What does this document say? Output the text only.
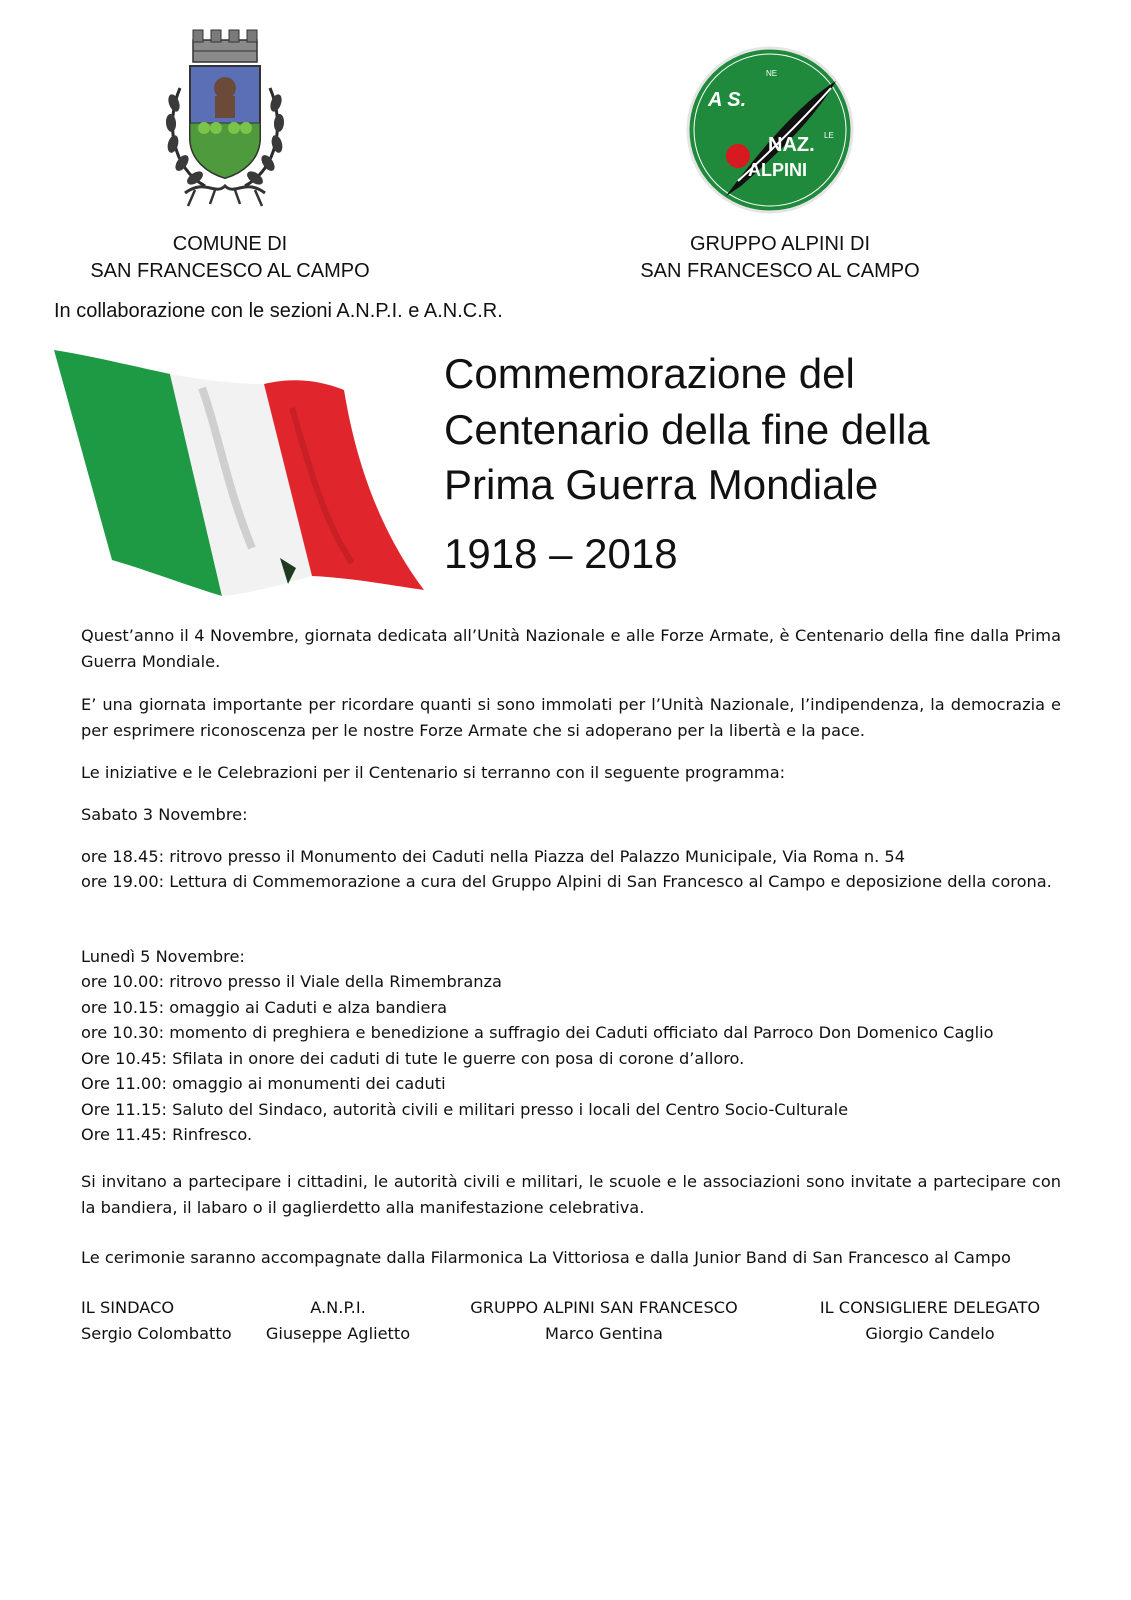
A S.
NE
LE
NAZ.
ALPINI
COMUNE DI
SAN FRANCESCO AL CAMPO
GRUPPO ALPINI DI
SAN FRANCESCO AL CAMPO
In collaborazione con le sezioni A.N.P.I. e A.N.C.R.
Commemorazione del
Centenario della fine della
Prima Guerra Mondiale
1918 – 2018
Quest’anno il 4 Novembre, giornata dedicata all’Unità Nazionale e alle Forze Armate, è Centenario della fine dalla Prima Guerra Mondiale.
E’ una giornata importante per ricordare quanti si sono immolati per l’Unità Nazionale, l’indipendenza, la democrazia e per esprimere riconoscenza per le nostre Forze Armate che si adoperano per la libertà e la pace.
Le iniziative e le Celebrazioni per il Centenario si terranno con il seguente programma:
Sabato 3 Novembre:
ore 18.45: ritrovo presso il Monumento dei Caduti nella Piazza del Palazzo Municipale, Via Roma n. 54
ore 19.00: Lettura di Commemorazione a cura del Gruppo Alpini di San Francesco al Campo e deposizione della corona.
Lunedì 5 Novembre:
ore 10.00: ritrovo presso il Viale della Rimembranza
ore 10.15: omaggio ai Caduti e alza bandiera
ore 10.30: momento di preghiera e benedizione a suffragio dei Caduti officiato dal Parroco Don Domenico Caglio
Ore 10.45: Sfilata in onore dei caduti di tute le guerre con posa di corone d’alloro.
Ore 11.00: omaggio ai monumenti dei caduti
Ore 11.15: Saluto del Sindaco, autorità civili e militari presso i locali del Centro Socio-Culturale
Ore 11.45: Rinfresco.
Si invitano a partecipare i cittadini, le autorità civili e militari, le scuole e le associazioni sono invitate a partecipare con la bandiera, il labaro o il gaglierdetto alla manifestazione celebrativa.
Le cerimonie saranno accompagnate dalla Filarmonica La Vittoriosa e dalla Junior Band di San Francesco al Campo
IL SINDACO
Sergio Colombatto
A.N.P.I.
Giuseppe Aglietto
GRUPPO ALPINI SAN FRANCESCO
Marco Gentina
IL CONSIGLIERE DELEGATO
Giorgio Candelo
